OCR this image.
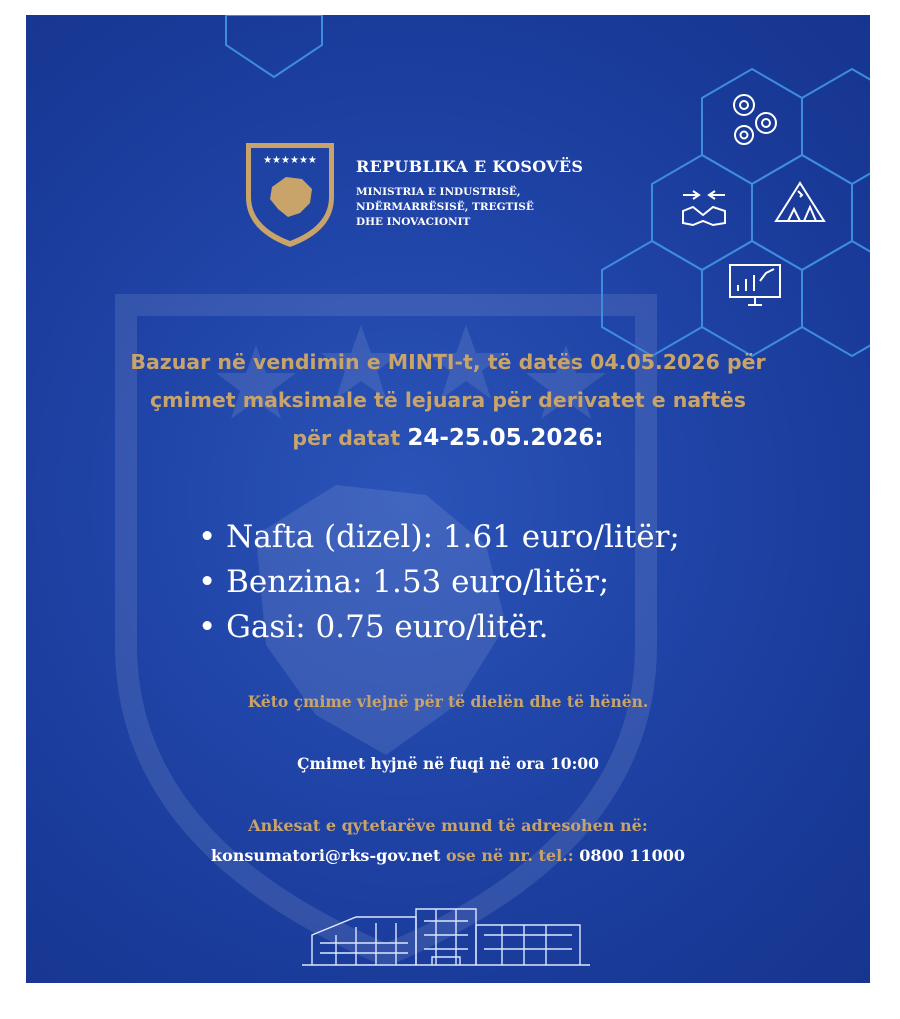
★★★★★★ REPUBLIKA E KOSOVËS
MINISTRIA E INDUSTRISË,
NDËRMARRËSISË, TREGTISË
DHE INOVACIONIT
Bazuar në vendimin e MINTI-t, të datës 04.05.2026 për
çmimet maksimale të lejuara për derivatet e naftës
për datat 24-25.05.2026:
• Nafta (dizel): 1.61 euro/litër;
• Benzina: 1.53 euro/litër;
• Gasi: 0.75 euro/litër.
Këto çmime vlejnë për të dielën dhe të hënën.
Çmimet hyjnë në fuqi në ora 10:00
Ankesat e qytetarëve mund të adresohen në:
konsumatori@rks-gov.net ose në nr. tel.: 0800 11000
